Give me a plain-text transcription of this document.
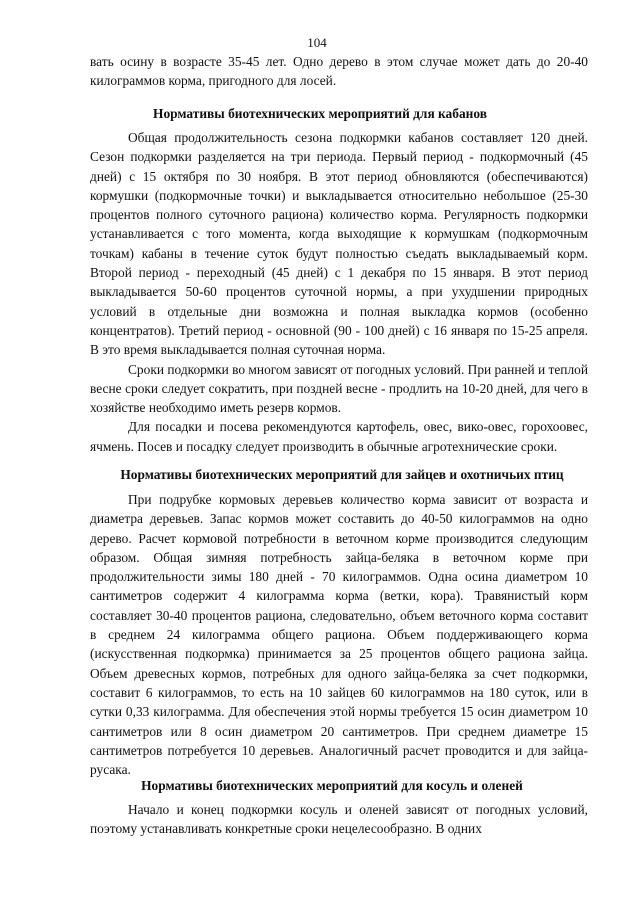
104

вать осину в возрасте 35-45 лет. Одно дерево в этом случае может дать до 20-40 килограммов корма, пригодного для лосей.

Нормативы биотехнических мероприятий для кабанов

Общая продолжительность сезона подкормки кабанов составляет 120 дней. Сезон подкормки разделяется на три периода. Первый период - подкормочный (45 дней) с 15 октября по 30 ноября. В этот период обновляются (обеспечиваются) кормушки (подкормочные точки) и выкладывается относительно небольшое (25-30 процентов полного суточного рациона) количество корма. Регулярность подкормки устанавливается с того момента, когда выходящие к кормушкам (подкормочным точкам) кабаны в течение суток будут полностью съедать выкладываемый корм. Второй период - переходный (45 дней) с 1 декабря по 15 января. В этот период выкладывается 50-60 процентов суточной нормы, а при ухудшении природных условий в отдельные дни возможна и полная выкладка кормов (особенно концентратов). Третий период - основной (90 - 100 дней) с 16 января по 15-25 апреля. В это время выкладывается полная суточная норма.

Сроки подкормки во многом зависят от погодных условий. При ранней и теплой весне сроки следует сократить, при поздней весне - продлить на 10-20 дней, для чего в хозяйстве необходимо иметь резерв кормов.

Для посадки и посева рекомендуются картофель, овес, вико-овес, горохоовес, ячмень. Посев и посадку следует производить в обычные агротехнические сроки.

Нормативы биотехнических мероприятий для зайцев и охотничьих птиц

При подрубке кормовых деревьев количество корма зависит от возраста и диаметра деревьев. Запас кормов может составить до 40-50 килограммов на одно дерево. Расчет кормовой потребности в веточном корме производится следующим образом. Общая зимняя потребность зайца-беляка в веточном корме при продолжительности зимы 180 дней - 70 килограммов. Одна осина диаметром 10 сантиметров содержит 4 килограмма корма (ветки, кора). Травянистый корм составляет 30-40 процентов рациона, следовательно, объем веточного корма составит в среднем 24 килограмма общего рациона. Объем поддерживающего корма (искусственная подкормка) принимается за 25 процентов общего рациона зайца. Объем древесных кормов, потребных для одного зайца-беляка за счет подкормки, составит 6 килограммов, то есть на 10 зайцев 60 килограммов на 180 суток, или в сутки 0,33 килограмма. Для обеспечения этой нормы требуется 15 осин диаметром 10 сантиметров или 8 осин диаметром 20 сантиметров. При среднем диаметре 15 сантиметров потребуется 10 деревьев. Аналогичный расчет проводится и для зайца-русака.

Нормативы биотехнических мероприятий для косуль и оленей

Начало и конец подкормки косуль и оленей зависят от погодных условий, поэтому устанавливать конкретные сроки нецелесообразно. В одних
